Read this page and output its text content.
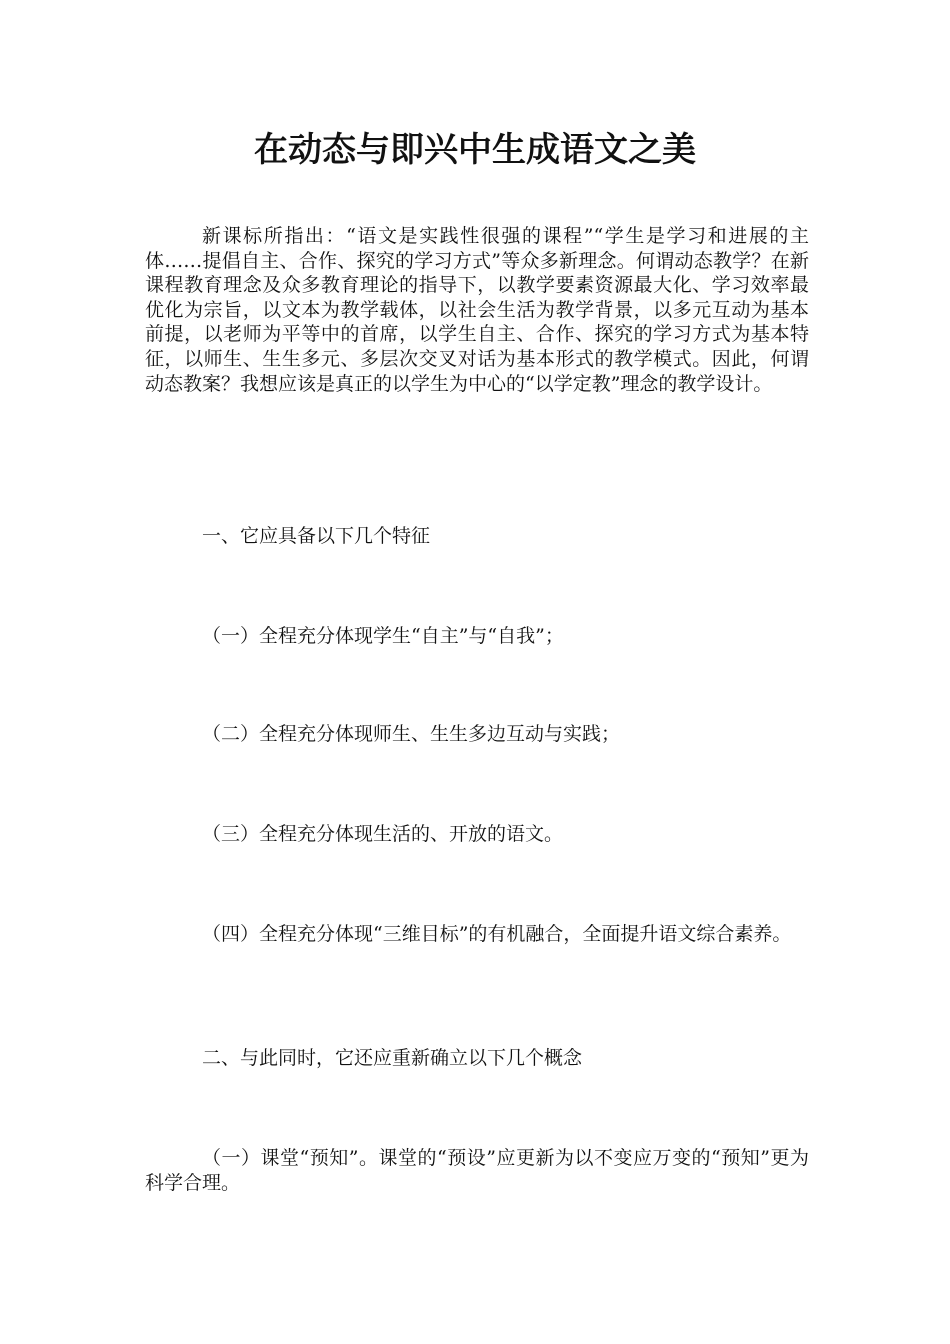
在动态与即兴中生成语文之美

新课标所指出：“语文是实践性很强的课程”“学生是学习和进展的主体……提倡自主、合作、探究的学习方式”等众多新理念。何谓动态教学？在新课程教育理念及众多教育理论的指导下，以教学要素资源最大化、学习效率最优化为宗旨，以文本为教学载体，以社会生活为教学背景，以多元互动为基本前提，以老师为平等中的首席，以学生自主、合作、探究的学习方式为基本特征，以师生、生生多元、多层次交叉对话为基本形式的教学模式。因此，何谓动态教案？我想应该是真正的以学生为中心的“以学定教”理念的教学设计。

一、它应具备以下几个特征

（一）全程充分体现学生“自主”与“自我”；

（二）全程充分体现师生、生生多边互动与实践；

（三）全程充分体现生活的、开放的语文。

（四）全程充分体现“三维目标”的有机融合，全面提升语文综合素养。

二、与此同时，它还应重新确立以下几个概念

（一）课堂“预知”。课堂的“预设”应更新为以不变应万变的“预知”更为科学合理。
